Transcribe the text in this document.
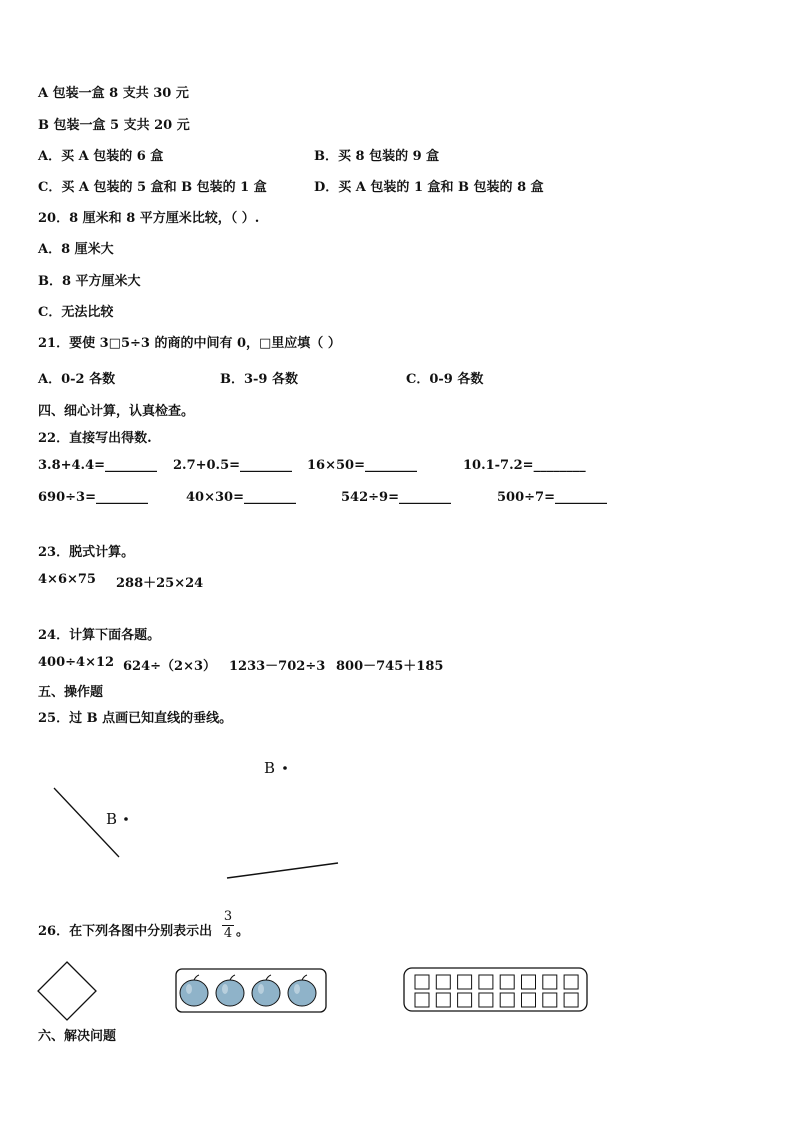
A 包装一盒 8 支共 30 元
B 包装一盒 5 支共 20 元
A．买 A 包装的 6 盒	B．买 8 包装的 9 盒
C．买 A 包装的 5 盒和 B 包装的 1 盒	D．买 A 包装的 1 盒和 B 包装的 8 盒
20．8 厘米和 8 平方厘米比较，（ ）.
A．8 厘米大
B．8 平方厘米大
C．无法比较
21．要使 3□5÷3 的商的中间有 0，□里应填（ ）
A．0-2 各数	B．3-9 各数	C．0-9 各数
四、细心计算，认真检查。
22．直接写出得数.
3.8+4.4=________ 2.7+0.5=________ 16×50=________	10.1-7.2=________
690÷3=________	40×30=________	542÷9=________	500÷7=________
23．脱式计算。
4×6×75 288＋25×24
24．计算下面各题。
400÷4×12 624÷（2×3） 1233－702÷3 800－745＋185
五、操作题
25．过 B 点画已知直线的垂线。
B
B
26．在下列各图中分别表示出
3
4 。
六、解决问题
